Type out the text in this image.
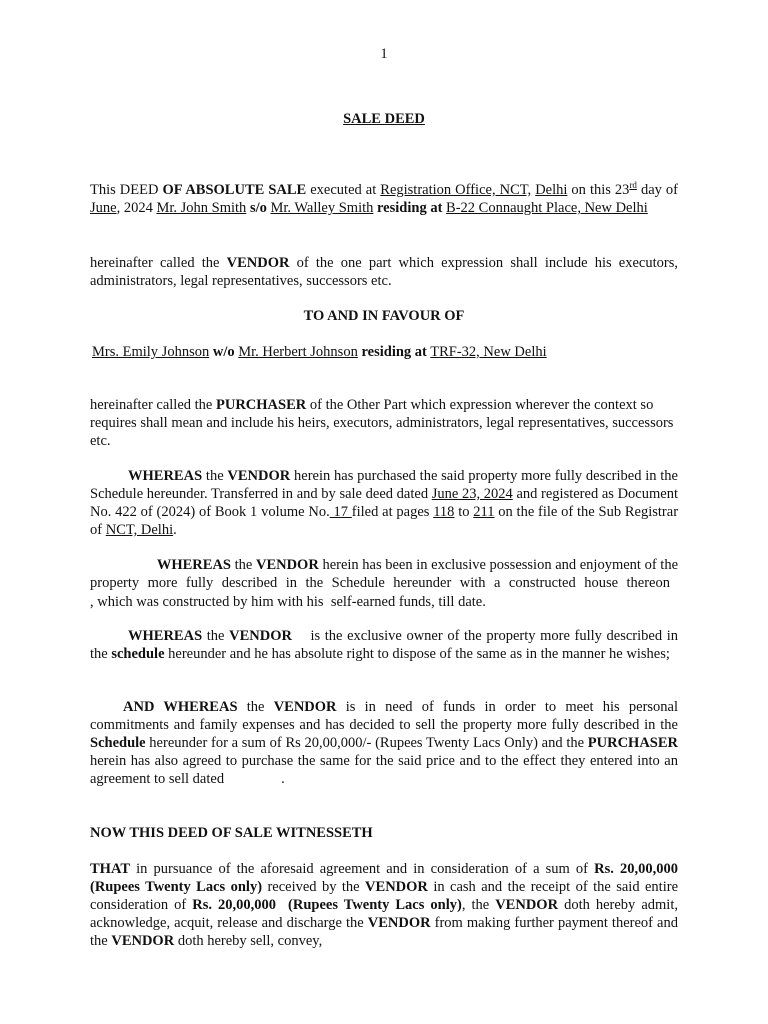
1
SALE DEED

This DEED OF ABSOLUTE SALE executed at Registration Office, NCT, Delhi on this 23rd day of June, 2024 Mr. John Smith s/o Mr. Walley Smith residing at B-22 Connaught Place, New Delhi

hereinafter called the VENDOR of the one part which expression shall include his executors, administrators, legal representatives, successors etc.

TO AND IN FAVOUR OF

Mrs. Emily Johnson w/o Mr. Herbert Johnson residing at TRF-32, New Delhi

hereinafter called the PURCHASER of the Other Part which expression wherever the context so requires shall mean and include his heirs, executors, administrators, legal representatives, successors etc.

WHEREAS the VENDOR herein has purchased the said property more fully described in the Schedule hereunder. Transferred in and by sale deed dated June 23, 2024 and registered as Document No. 422 of (2024) of Book 1 volume No. 17 filed at pages 118 to 211 on the file of the Sub Registrar of NCT, Delhi.

WHEREAS the VENDOR herein has been in exclusive possession and enjoyment of the
property more fully described in the Schedule hereunder with a constructed house thereon
, which was constructed by him with his  self-earned funds, till date.

WHEREAS the VENDOR    is the exclusive owner of the property more fully described in the schedule hereunder and he has absolute right to dispose of the same as in the manner he wishes;

AND WHEREAS the VENDOR is in need of funds in order to meet his personal commitments and family expenses and has decided to sell the property more fully described in the Schedule hereunder for a sum of Rs 20,00,000/- (Rupees Twenty Lacs Only) and the PURCHASER herein has also agreed to purchase the same for the said price and to the effect they entered into an agreement to sell dated	.

NOW THIS DEED OF SALE WITNESSETH

THAT in pursuance of the aforesaid agreement and in consideration of a sum of Rs. 20,00,000 (Rupees Twenty Lacs only) received by the VENDOR in cash and the receipt of the said entire consideration of Rs. 20,00,000  (Rupees Twenty Lacs only), the VENDOR doth hereby admit, acknowledge, acquit, release and discharge the VENDOR from making further payment thereof and the VENDOR doth hereby sell, convey,
